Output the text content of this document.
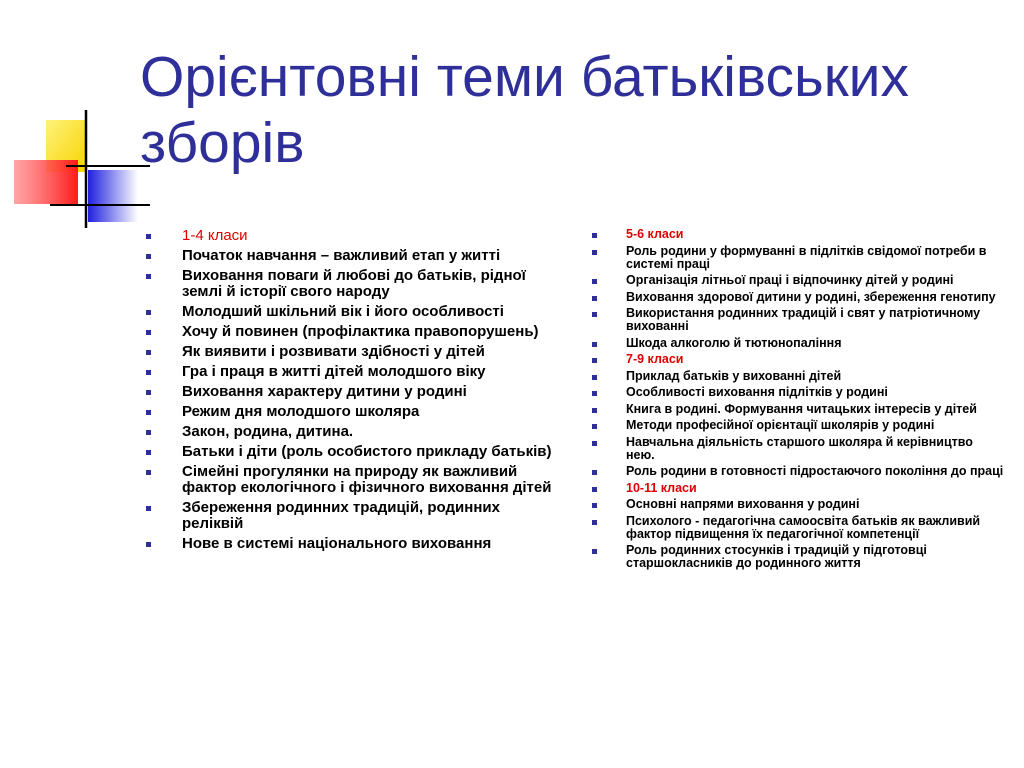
Орієнтовні теми батьківських зборів
1-4 класи
Початок навчання – важливий етап у житті
Виховання поваги й любові до батьків, рідної землі й історії свого народу
Молодший шкільний вік і його особливості
Хочу й повинен (профілактика правопорушень)
Як виявити і розвивати здібності у дітей
Гра і праця в житті дітей молодшого віку
Виховання характеру дитини у родині
Режим дня молодшого школяра
Закон, родина, дитина.
Батьки і діти (роль особистого прикладу батьків)
Сімейні прогулянки на природу як важливий фактор екологічного і фізичного виховання дітей
Збереження родинних традицій, родинних реліквій
Нове в системі національного виховання
5-6 класи
Роль родини у формуванні в підлітків свідомої потреби в системі праці
Організація літньої праці і відпочинку дітей у родині
Виховання здорової дитини у родині, збереження генотипу
Використання родинних традицій і свят у патріотичному вихованні
Шкода алкоголю й тютюнопаління
7-9 класи
Приклад батьків у вихованні дітей
Особливості виховання підлітків у родині
Книга в родині. Формування читацьких інтересів у дітей
Методи професійної орієнтації школярів у родині
Навчальна діяльність старшого школяра й керівництво нею.
Роль родини в готовності підростаючого покоління до праці
10-11 класи
Основні напрями виховання у родині
Психолого - педагогічна самоосвіта батьків як важливий фактор підвищення їх педагогічної компетенції
Роль родинних стосунків і традицій у підготовці старшокласників до родинного життя
